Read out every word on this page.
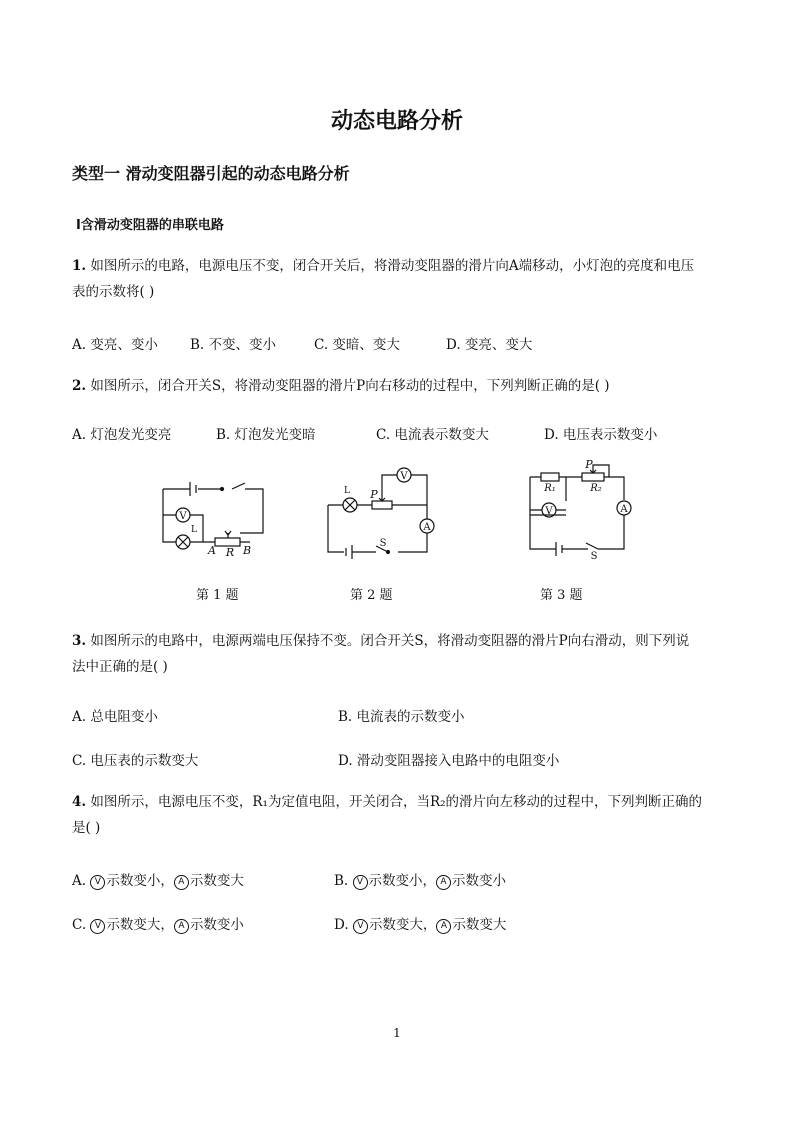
动态电路分析
类型一 滑动变阻器引起的动态电路分析
Ⅰ含滑动变阻器的串联电路
1. 如图所示的电路，电源电压不变，闭合开关后，将滑动变阻器的滑片向A端移动，小灯泡的亮度和电压
表的示数将( )
A. 变亮、变小 B. 不变、变小	C. 变暗、变大	D. 变亮、变大
2. 如图所示，闭合开关S，将滑动变阻器的滑片P向右移动的过程中，下列判断正确的是( )
A. 灯泡发光变亮	B. 灯泡发光变暗	C. 电流表示数变大	D. 电压表示数变小
V
L
A R B
V
A
L P
S
V	A
R₁	R₂
P
S
第 1 题	第 2 题	第 3 题
3. 如图所示的电路中，电源两端电压保持不变。闭合开关S，将滑动变阻器的滑片P向右滑动，则下列说
法中正确的是( )
A. 总电阻变小	B. 电流表的示数变小
C. 电压表的示数变大	D. 滑动变阻器接入电路中的电阻变小
4. 如图所示，电源电压不变，R₁为定值电阻，开关闭合，当R₂的滑片向左移动的过程中，下列判断正确的
是( )
A. V 示数变小， A 示数变大	B. V 示数变小， A 示数变小
C. V 示数变大， A 示数变小	D. V 示数变大， A 示数变大
1
